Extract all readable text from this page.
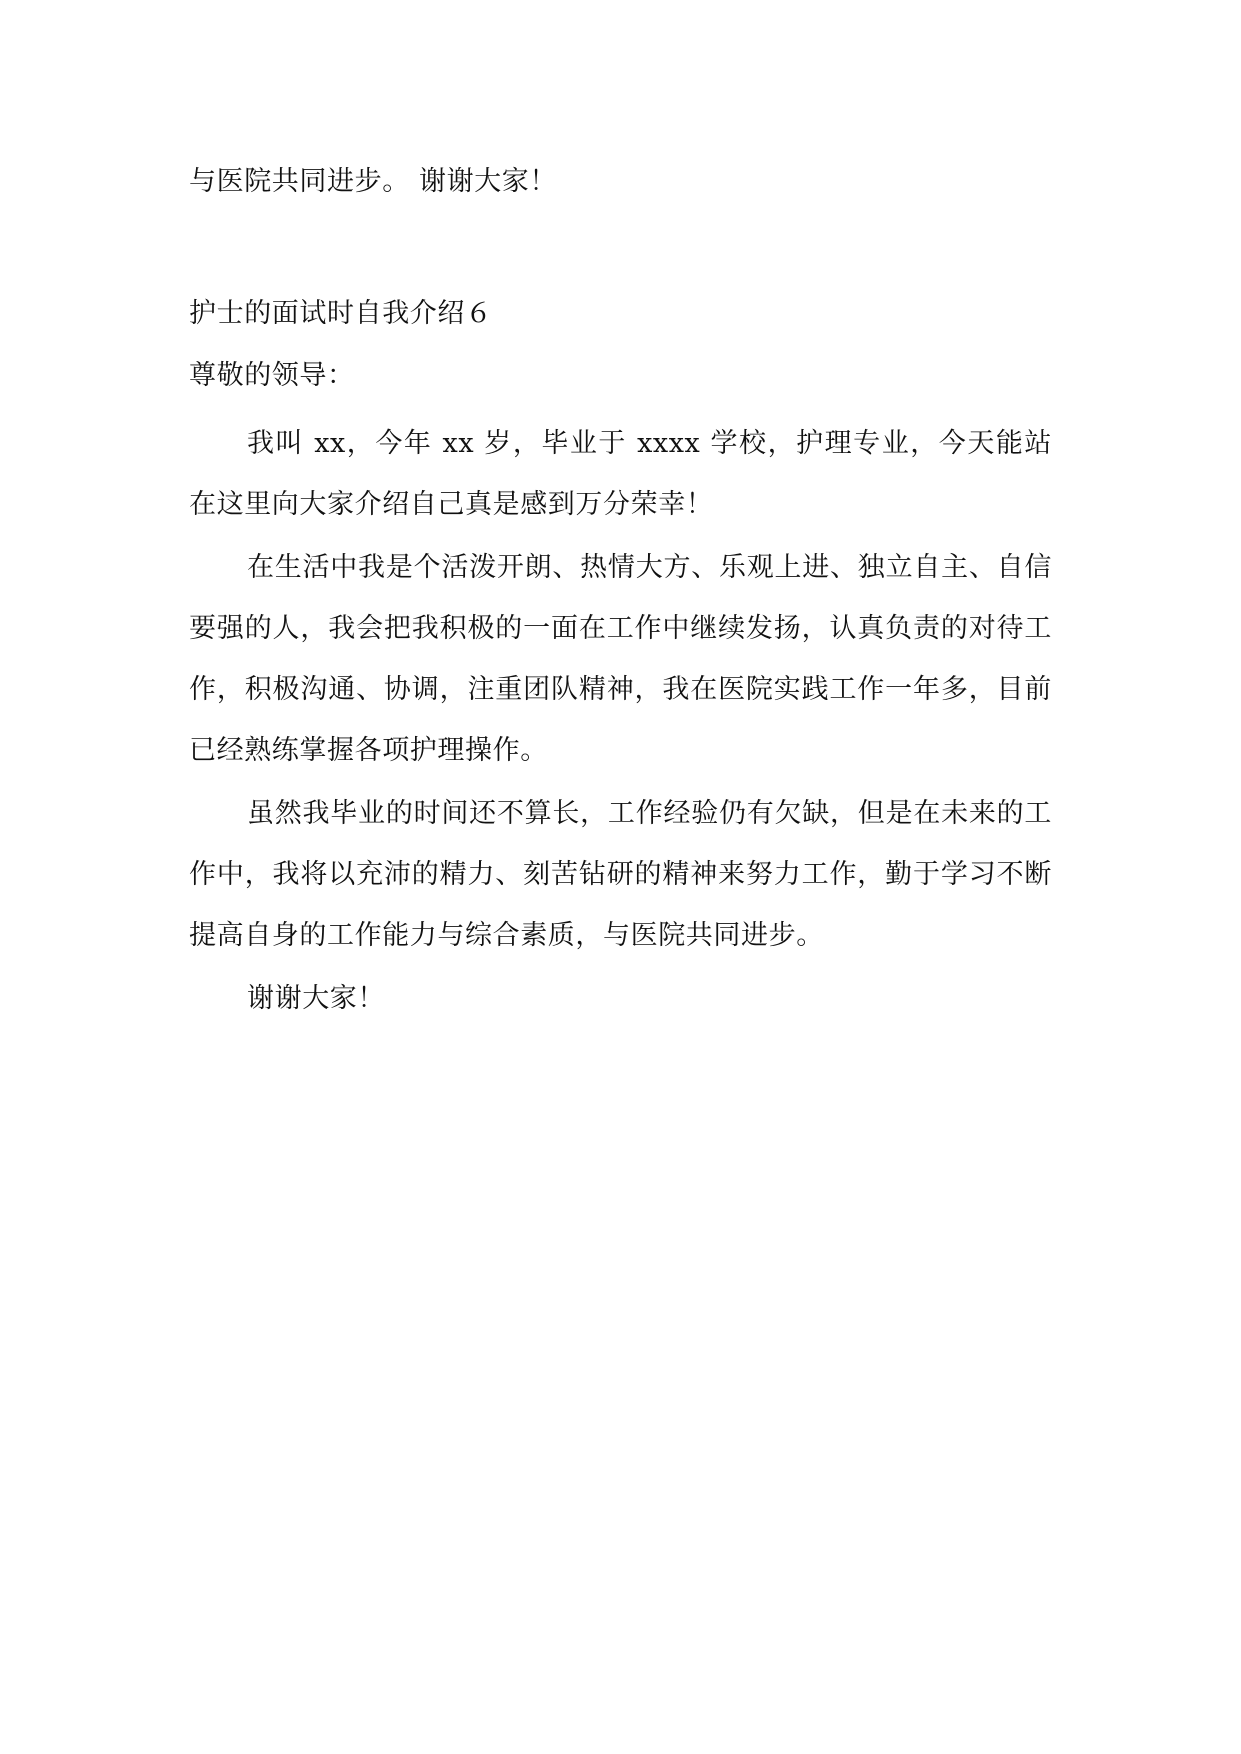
与医院共同进步。 谢谢大家！
护士的面试时自我介绍６
尊敬的领导：

我叫 xx，今年 xx 岁，毕业于 xxxx 学校，护理专业，今天能站在这里向大家介绍自己真是感到万分荣幸！

在生活中我是个活泼开朗、热情大方、乐观上进、独立自主、自信要强的人，我会把我积极的一面在工作中继续发扬，认真负责的对待工作，积极沟通、协调，注重团队精神，我在医院实践工作一年多，目前已经熟练掌握各项护理操作。

虽然我毕业的时间还不算长，工作经验仍有欠缺，但是在未来的工作中，我将以充沛的精力、刻苦钻研的精神来努力工作，勤于学习不断提高自身的工作能力与综合素质，与医院共同进步。

谢谢大家！
